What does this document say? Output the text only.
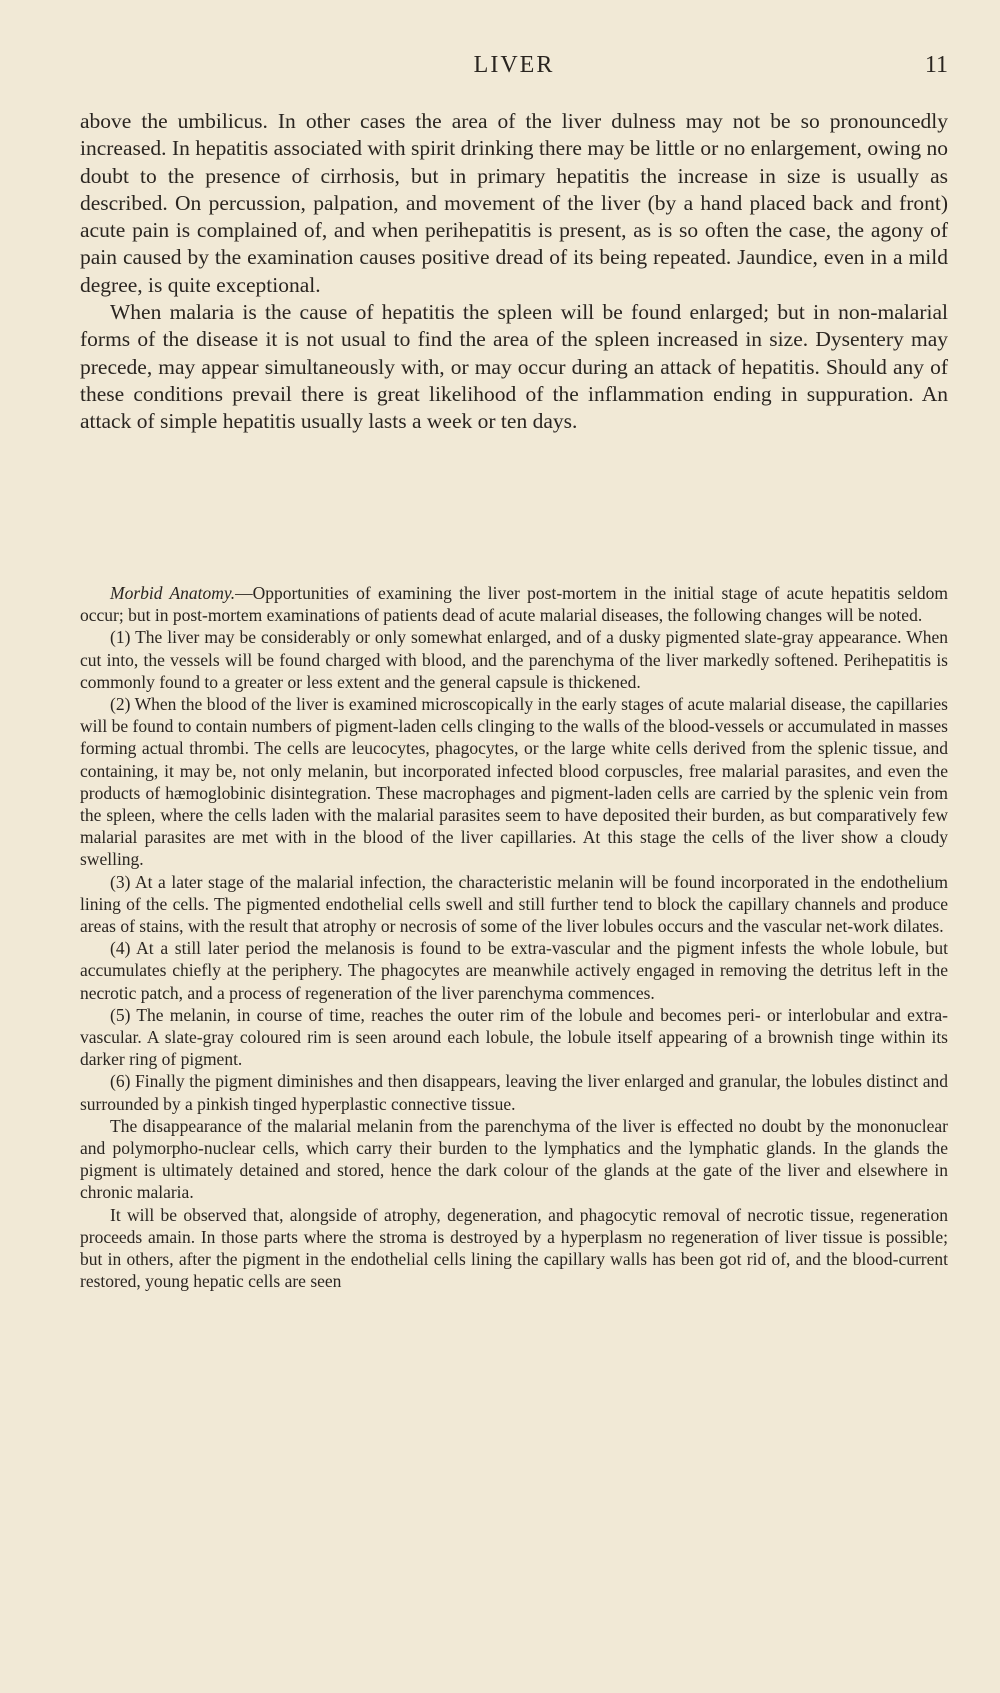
LIVER	11

above the umbilicus. In other cases the area of the liver dulness may not be so pronouncedly increased. In hepatitis associated with spirit drinking there may be little or no enlargement, owing no doubt to the presence of cirrhosis, but in primary hepatitis the increase in size is usually as described. On percussion, palpation, and movement of the liver (by a hand placed back and front) acute pain is complained of, and when perihepatitis is present, as is so often the case, the agony of pain caused by the examination causes positive dread of its being repeated. Jaundice, even in a mild degree, is quite exceptional.

When malaria is the cause of hepatitis the spleen will be found enlarged; but in non-malarial forms of the disease it is not usual to find the area of the spleen increased in size. Dysentery may precede, may appear simultaneously with, or may occur during an attack of hepatitis. Should any of these conditions prevail there is great likelihood of the inflammation ending in suppuration. An attack of simple hepatitis usually lasts a week or ten days.

Morbid Anatomy.—Opportunities of examining the liver post-mortem in the initial stage of acute hepatitis seldom occur; but in post-mortem examinations of patients dead of acute malarial diseases, the following changes will be noted.

(1) The liver may be considerably or only somewhat enlarged, and of a dusky pigmented slate-gray appearance. When cut into, the vessels will be found charged with blood, and the parenchyma of the liver markedly softened. Perihepatitis is commonly found to a greater or less extent and the general capsule is thickened.

(2) When the blood of the liver is examined microscopically in the early stages of acute malarial disease, the capillaries will be found to contain numbers of pigment-laden cells clinging to the walls of the blood-vessels or accumulated in masses forming actual thrombi. The cells are leucocytes, phagocytes, or the large white cells derived from the splenic tissue, and containing, it may be, not only melanin, but incorporated infected blood corpuscles, free malarial parasites, and even the products of hæmoglobinic disintegration. These macrophages and pigment-laden cells are carried by the splenic vein from the spleen, where the cells laden with the malarial parasites seem to have deposited their burden, as but comparatively few malarial parasites are met with in the blood of the liver capillaries. At this stage the cells of the liver show a cloudy swelling.

(3) At a later stage of the malarial infection, the characteristic melanin will be found incorporated in the endothelium lining of the cells. The pigmented endothelial cells swell and still further tend to block the capillary channels and produce areas of stains, with the result that atrophy or necrosis of some of the liver lobules occurs and the vascular net-work dilates.

(4) At a still later period the melanosis is found to be extra-vascular and the pigment infests the whole lobule, but accumulates chiefly at the periphery. The phagocytes are meanwhile actively engaged in removing the detritus left in the necrotic patch, and a process of regeneration of the liver parenchyma commences.

(5) The melanin, in course of time, reaches the outer rim of the lobule and becomes peri- or interlobular and extra-vascular. A slate-gray coloured rim is seen around each lobule, the lobule itself appearing of a brownish tinge within its darker ring of pigment.

(6) Finally the pigment diminishes and then disappears, leaving the liver enlarged and granular, the lobules distinct and surrounded by a pinkish tinged hyperplastic connective tissue.

The disappearance of the malarial melanin from the parenchyma of the liver is effected no doubt by the mononuclear and polymorpho-nuclear cells, which carry their burden to the lymphatics and the lymphatic glands. In the glands the pigment is ultimately detained and stored, hence the dark colour of the glands at the gate of the liver and elsewhere in chronic malaria.

It will be observed that, alongside of atrophy, degeneration, and phagocytic removal of necrotic tissue, regeneration proceeds amain. In those parts where the stroma is destroyed by a hyperplasm no regeneration of liver tissue is possible; but in others, after the pigment in the endothelial cells lining the capillary walls has been got rid of, and the blood-current restored, young hepatic cells are seen
